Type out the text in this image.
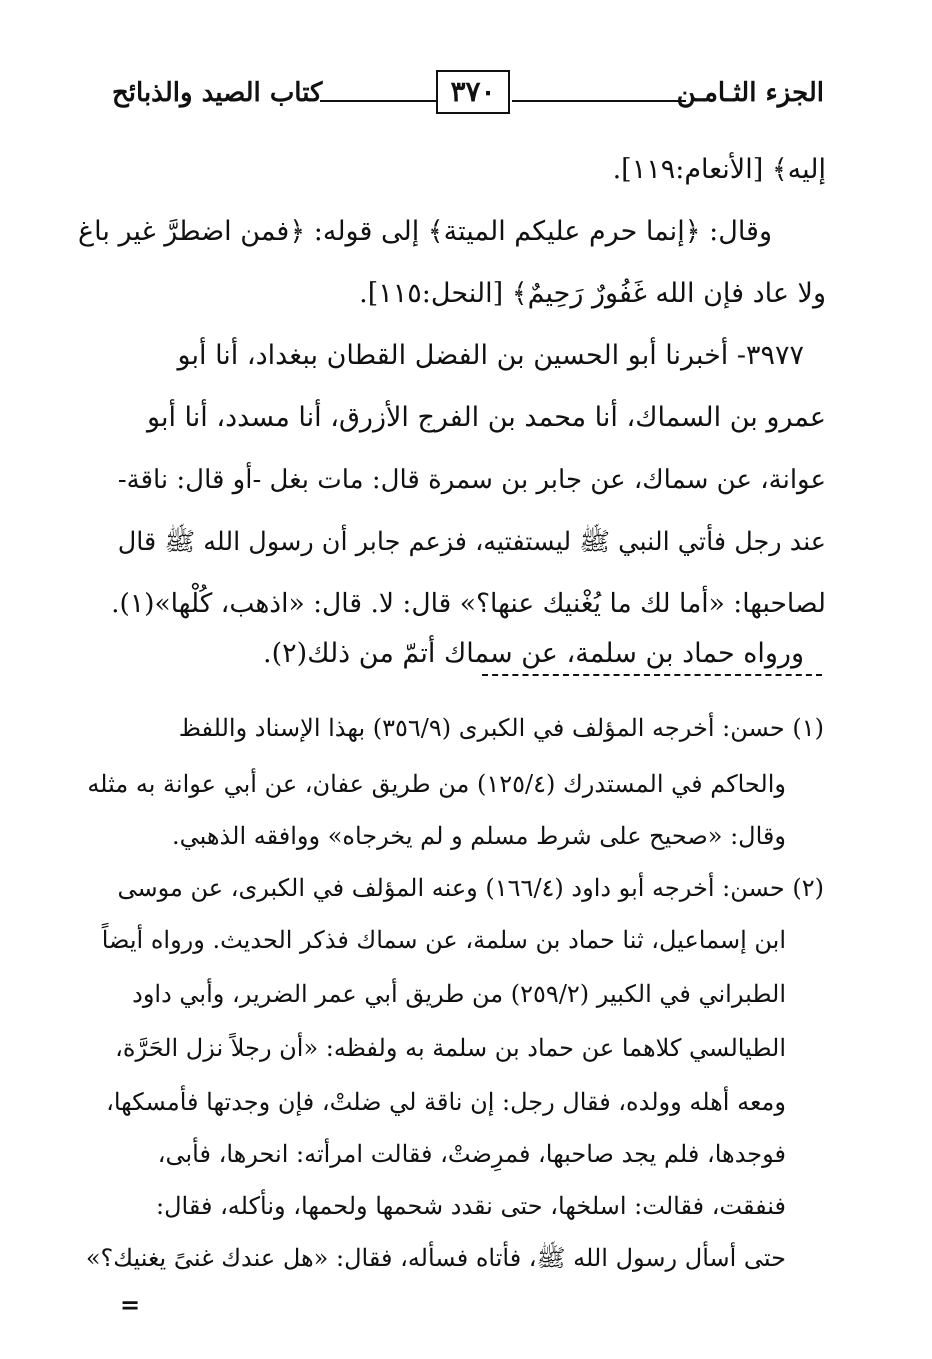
الجزء الثـامـن
٣٧٠
كتاب الصيد والذبائح
إليه﴾ [الأنعام:١١٩].
وقال: ﴿إنما حرم عليكم الميتة﴾ إلى قوله: ﴿فمن اضطرَّ غير باغ
ولا عاد فإن الله غَفُورٌ رَحِيمٌ﴾ [النحل:١١٥].
٣٩٧٧- أخبرنا أبو الحسين بن الفضل القطان ببغداد، أنا أبو
عمرو بن السماك، أنا محمد بن الفرج الأزرق، أنا مسدد، أنا أبو
عوانة، عن سماك، عن جابر بن سمرة قال: مات بغل -أو قال: ناقة-
عند رجل فأتي النبي ﷺ ليستفتيه، فزعم جابر أن رسول الله ﷺ قال
لصاحبها: «أما لك ما يُغْنيك عنها؟» قال: لا. قال: «اذهب، كُلْها»(١).
ورواه حماد بن سلمة، عن سماك أتمّ من ذلك(٢).
(١) حسن: أخرجه المؤلف في الكبرى (٣٥٦/٩) بهذا الإسناد واللفظ
والحاكم في المستدرك (١٢٥/٤) من طريق عفان، عن أبي عوانة به مثله
وقال: «صحيح على شرط مسلم و لم يخرجاه» ووافقه الذهبي.
(٢) حسن: أخرجه أبو داود (١٦٦/٤) وعنه المؤلف في الكبرى، عن موسى
ابن إسماعيل، ثنا حماد بن سلمة، عن سماك فذكر الحديث. ورواه أيضاً
الطبراني في الكبير (٢٥٩/٢) من طريق أبي عمر الضرير، وأبي داود
الطيالسي كلاهما عن حماد بن سلمة به ولفظه: «أن رجلاً نزل الحَرَّة،
ومعه أهله وولده، فقال رجل: إن ناقة لي ضلتْ، فإن وجدتها فأمسكها،
فوجدها، فلم يجد صاحبها، فمرِضتْ، فقالت امرأته: انحرها، فأبى،
فنفقت، فقالت: اسلخها، حتى نقدد شحمها ولحمها، ونأكله، فقال:
حتى أسأل رسول الله ﷺ، فأتاه فسأله، فقال: «هل عندك غنىً يغنيك؟»
=
